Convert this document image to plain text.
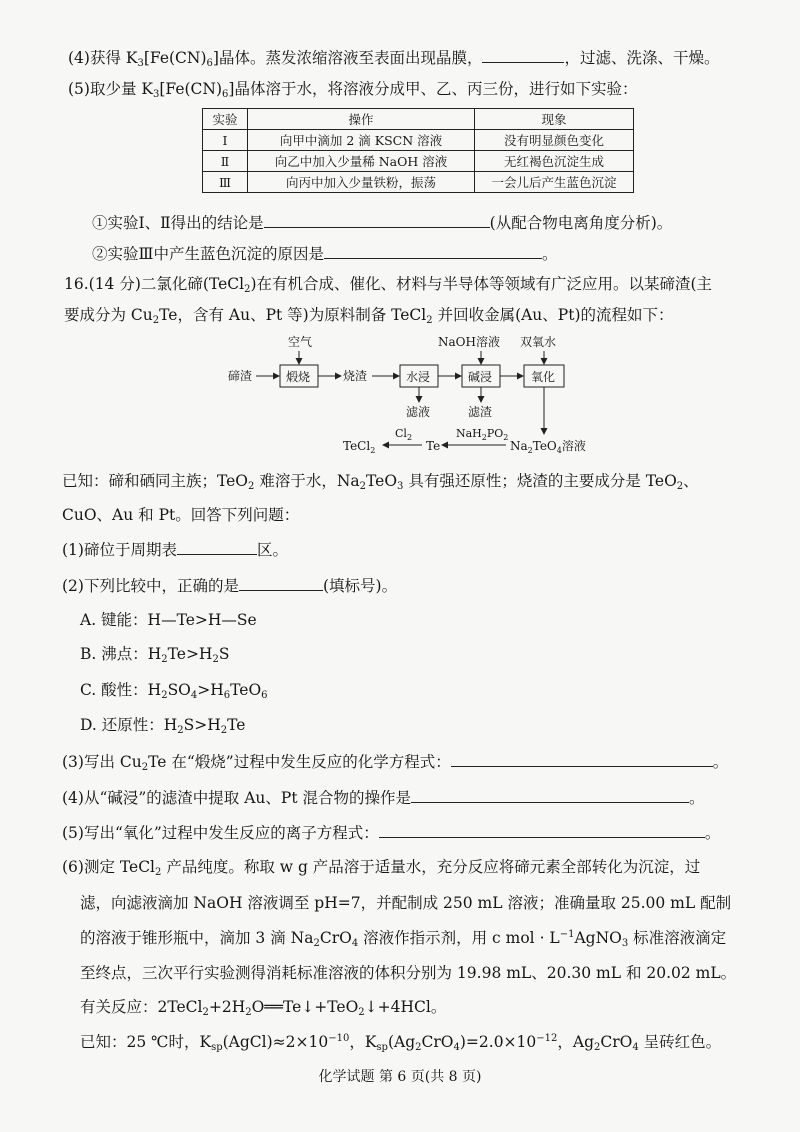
(4)获得 $K_3[Fe(CN)_6]$晶体。蒸发浓缩溶液至表面出现晶膜，	，过滤、洗涤、干燥。
(5)取少量 $K_3[Fe(CN)_6]$晶体溶于水，将溶液分成甲、乙、丙三份，进行如下实验：
实验	操作	现象
Ⅰ	向甲中滴加 2 滴 KSCN 溶液	没有明显颜色变化
Ⅱ	向乙中加入少量稀 NaOH 溶液	无红褐色沉淀生成
Ⅲ	向丙中加入少量铁粉，振荡	一会儿后产生蓝色沉淀
①实验Ⅰ、Ⅱ得出的结论是	(从配合物电离角度分析)。
②实验Ⅲ中产生蓝色沉淀的原因是	。
16.(14 分)二氯化碲(TeCl$_2$)在有机合成、催化、材料与半导体等领域有广泛应用。以某碲渣(主
要成分为 $Cu_2Te$，含有 Au、Pt 等)为原料制备 TeCl$_2$ 并回收金属(Au、Pt)的流程如下：
空气	NaOH溶液 双氧水
碲渣	煅烧	烧渣	水浸
滤液
碱浸
滤渣
氧化
$Na_2TeO_4$溶液
$NaH_2PO_2$
Te
$Cl_2$
TeCl$_2$
已知：碲和硒同主族；TeO$_2$ 难溶于水，$Na_2TeO_3$ 具有强还原性；烧渣的主要成分是 TeO$_2$、
CuO、Au 和 Pt。回答下列问题：
(1)碲位于周期表	区。
(2)下列比较中，正确的是	(填标号)。
A. 键能：H—Te>H—Se
B. 沸点：$H_2Te>H_2S$
C. 酸性：$H_2SO_4>H_6TeO_6$
D. 还原性：$H_2S>H_2Te$
(3)写出 $Cu_2Te$ 在“煅烧”过程中发生反应的化学方程式：	。
(4)从“碱浸”的滤渣中提取 Au、Pt 混合物的操作是	。
(5)写出“氧化”过程中发生反应的离子方程式：	。
(6)测定 TeCl$_2$ 产品纯度。称取 w g 产品溶于适量水，充分反应将碲元素全部转化为沉淀，过
滤，向滤液滴加 NaOH 溶液调至 pH=7，并配制成 250 mL 溶液；准确量取 25.00 mL 配制
的溶液于锥形瓶中，滴加 3 滴 $Na_2CrO_4$ 溶液作指示剂，用 c mol · $L^{-1}AgNO_3$ 标准溶液滴定
至终点，三次平行实验测得消耗标准溶液的体积分别为 19.98 mL、20.30 mL 和 20.02 mL。
有关反应：$2TeCl_2+2H_2O══Te↓+TeO_2↓+4HCl$。
已知：25 ℃时，$K_{sp}(AgCl)\approx 2\times 10^{-10}$，$K_{sp}(Ag_2CrO_4)=2.0\times 10^{-12}$，$Ag_2CrO_4$ 呈砖红色。
化学试题 第 6 页(共 8 页)
